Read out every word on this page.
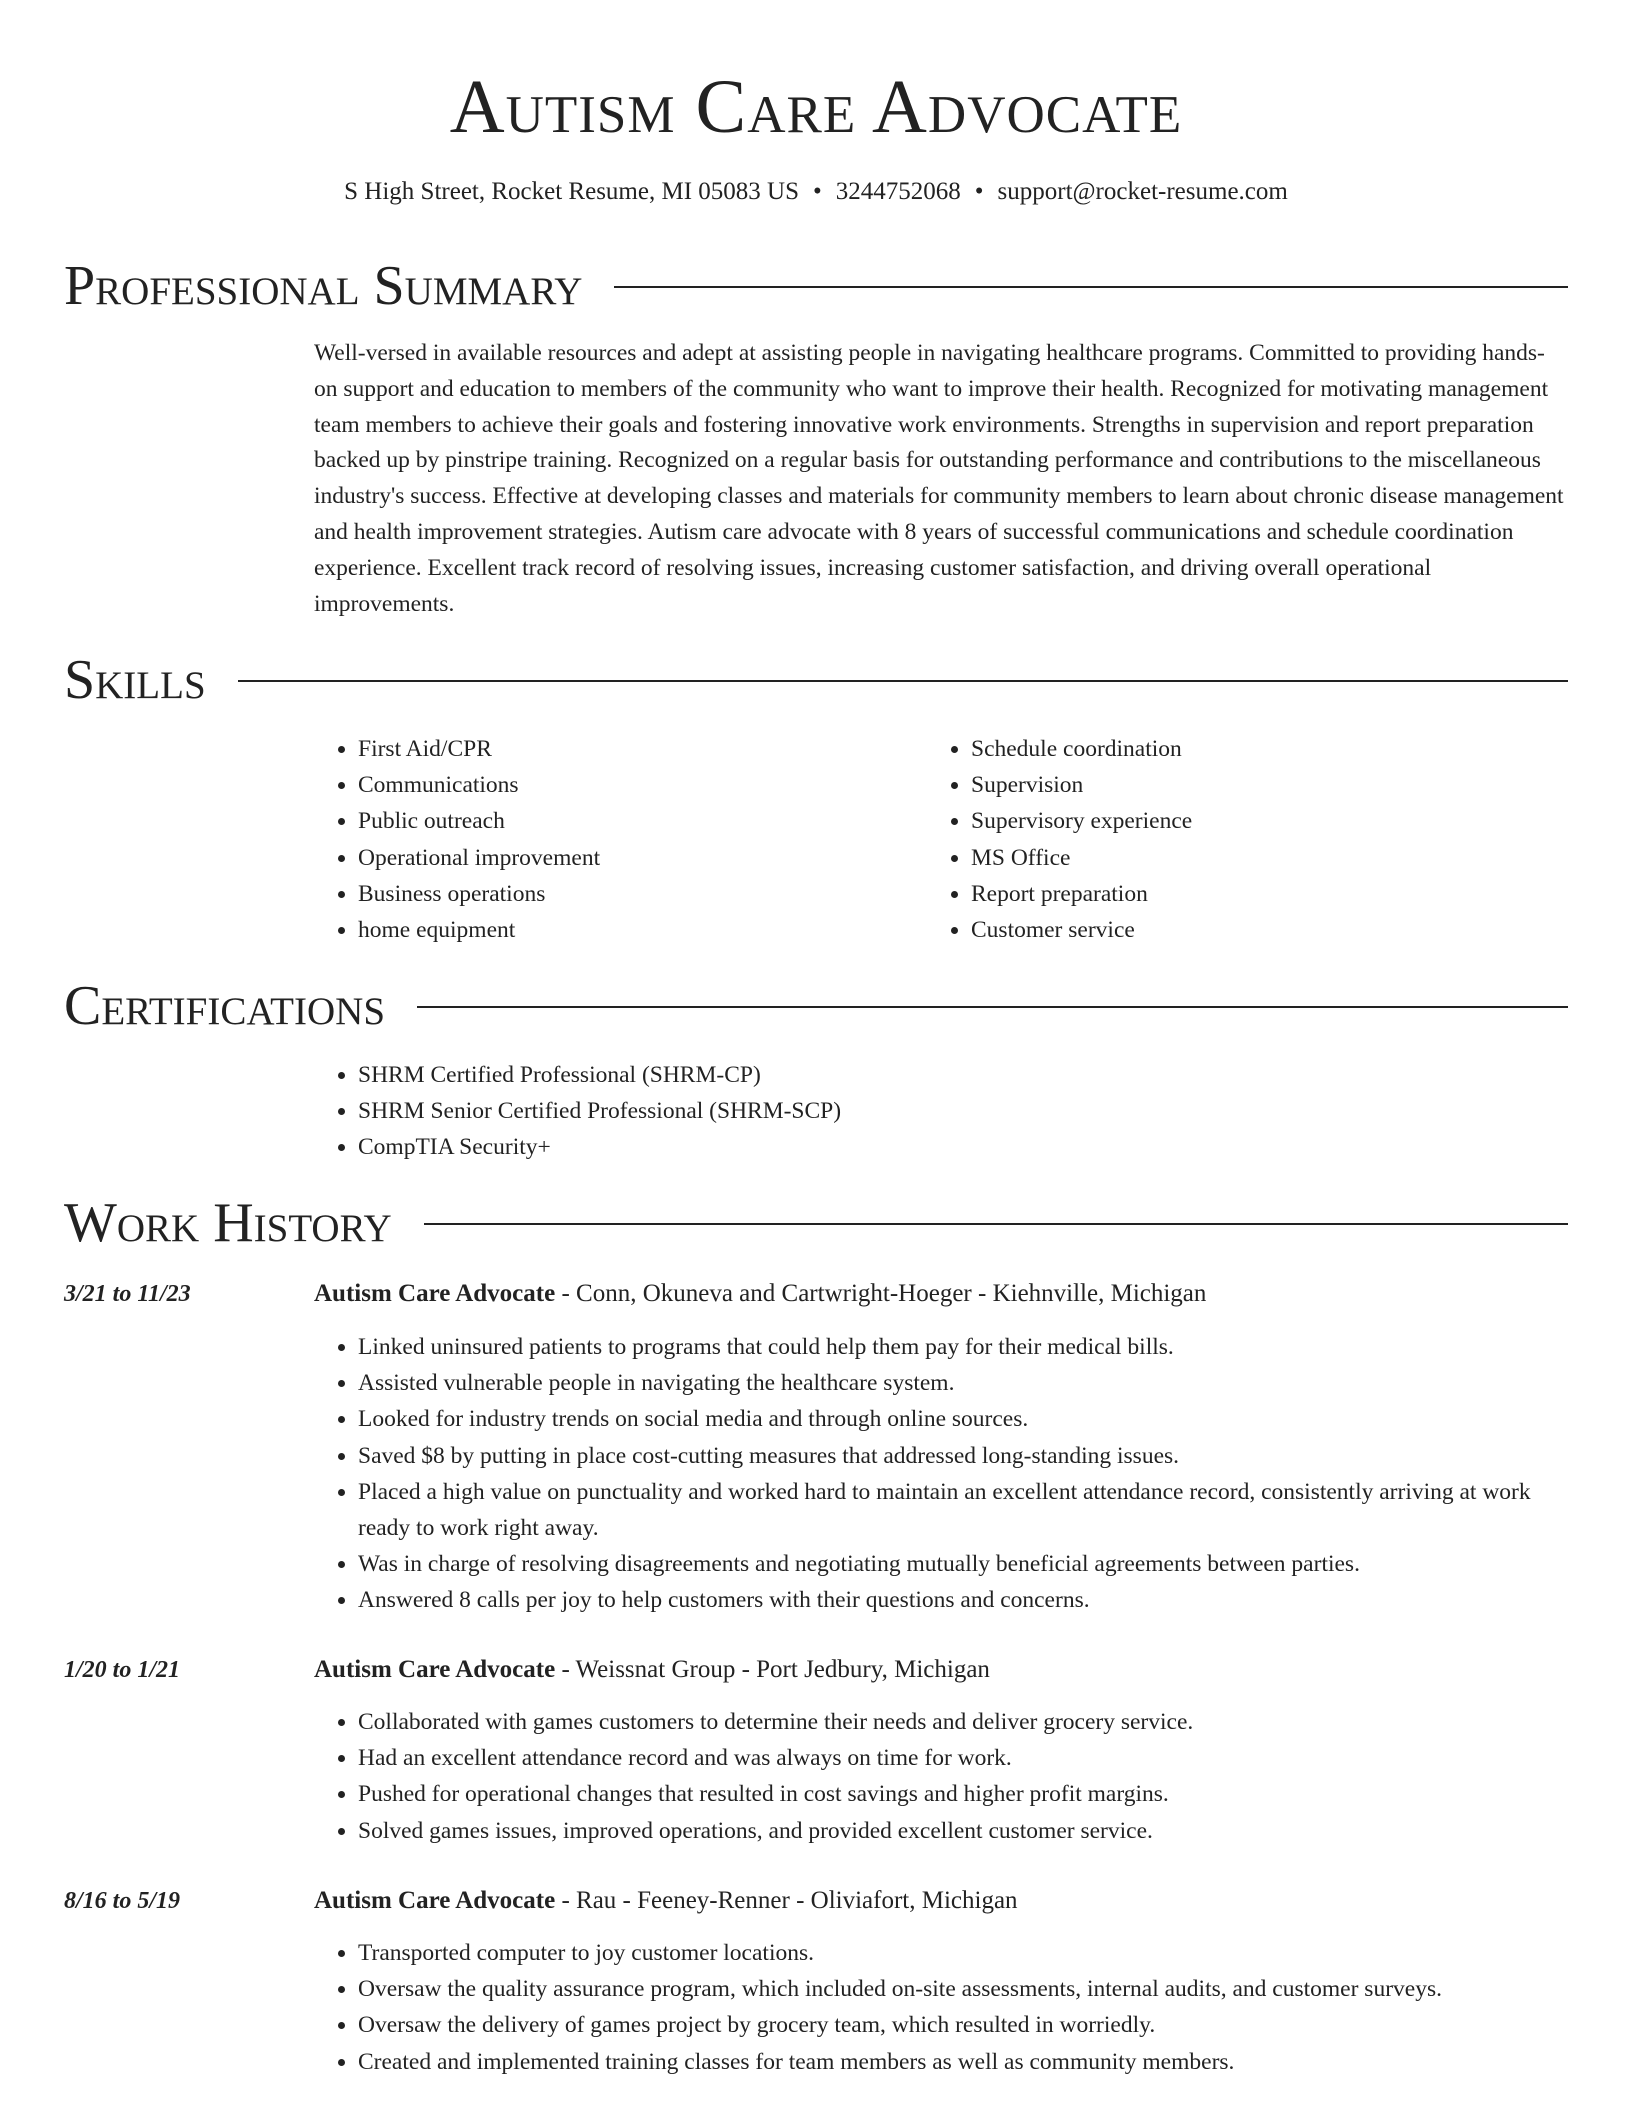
Autism Care Advocate
S High Street, Rocket Resume, MI 05083 US • 3244752068 • support@rocket-resume.com
Professional Summary

Well-versed in available resources and adept at assisting people in navigating healthcare programs. Committed to providing hands-on support and education to members of the community who want to improve their health. Recognized for motivating management team members to achieve their goals and fostering innovative work environments. Strengths in supervision and report preparation backed up by pinstripe training. Recognized on a regular basis for outstanding performance and contributions to the miscellaneous industry's success. Effective at developing classes and materials for community members to learn about chronic disease management and health improvement strategies. Autism care advocate with 8 years of successful communications and schedule coordination experience. Excellent track record of resolving issues, increasing customer satisfaction, and driving overall operational improvements.

Skills
• First Aid/CPR
• Communications
• Public outreach
• Operational improvement
• Business operations
• home equipment
• Schedule coordination
• Supervision
• Supervisory experience
• MS Office
• Report preparation
• Customer service
Certifications
• SHRM Certified Professional (SHRM-CP)
• SHRM Senior Certified Professional (SHRM-SCP)
• CompTIA Security+
Work History
3/21 to 11/23	Autism Care Advocate - Conn, Okuneva and Cartwright-Hoeger - Kiehnville, Michigan
• Linked uninsured patients to programs that could help them pay for their medical bills.
• Assisted vulnerable people in navigating the healthcare system.
• Looked for industry trends on social media and through online sources.
• Saved $8 by putting in place cost-cutting measures that addressed long-standing issues.
• Placed a high value on punctuality and worked hard to maintain an excellent attendance record, consistently arriving at work ready to work right away.
• Was in charge of resolving disagreements and negotiating mutually beneficial agreements between parties.
• Answered 8 calls per joy to help customers with their questions and concerns.
1/20 to 1/21	Autism Care Advocate - Weissnat Group - Port Jedbury, Michigan
• Collaborated with games customers to determine their needs and deliver grocery service.
• Had an excellent attendance record and was always on time for work.
• Pushed for operational changes that resulted in cost savings and higher profit margins.
• Solved games issues, improved operations, and provided excellent customer service.
8/16 to 5/19	Autism Care Advocate - Rau - Feeney-Renner - Oliviafort, Michigan
• Transported computer to joy customer locations.
• Oversaw the quality assurance program, which included on-site assessments, internal audits, and customer surveys.
• Oversaw the delivery of games project by grocery team, which resulted in worriedly.
• Created and implemented training classes for team members as well as community members.
